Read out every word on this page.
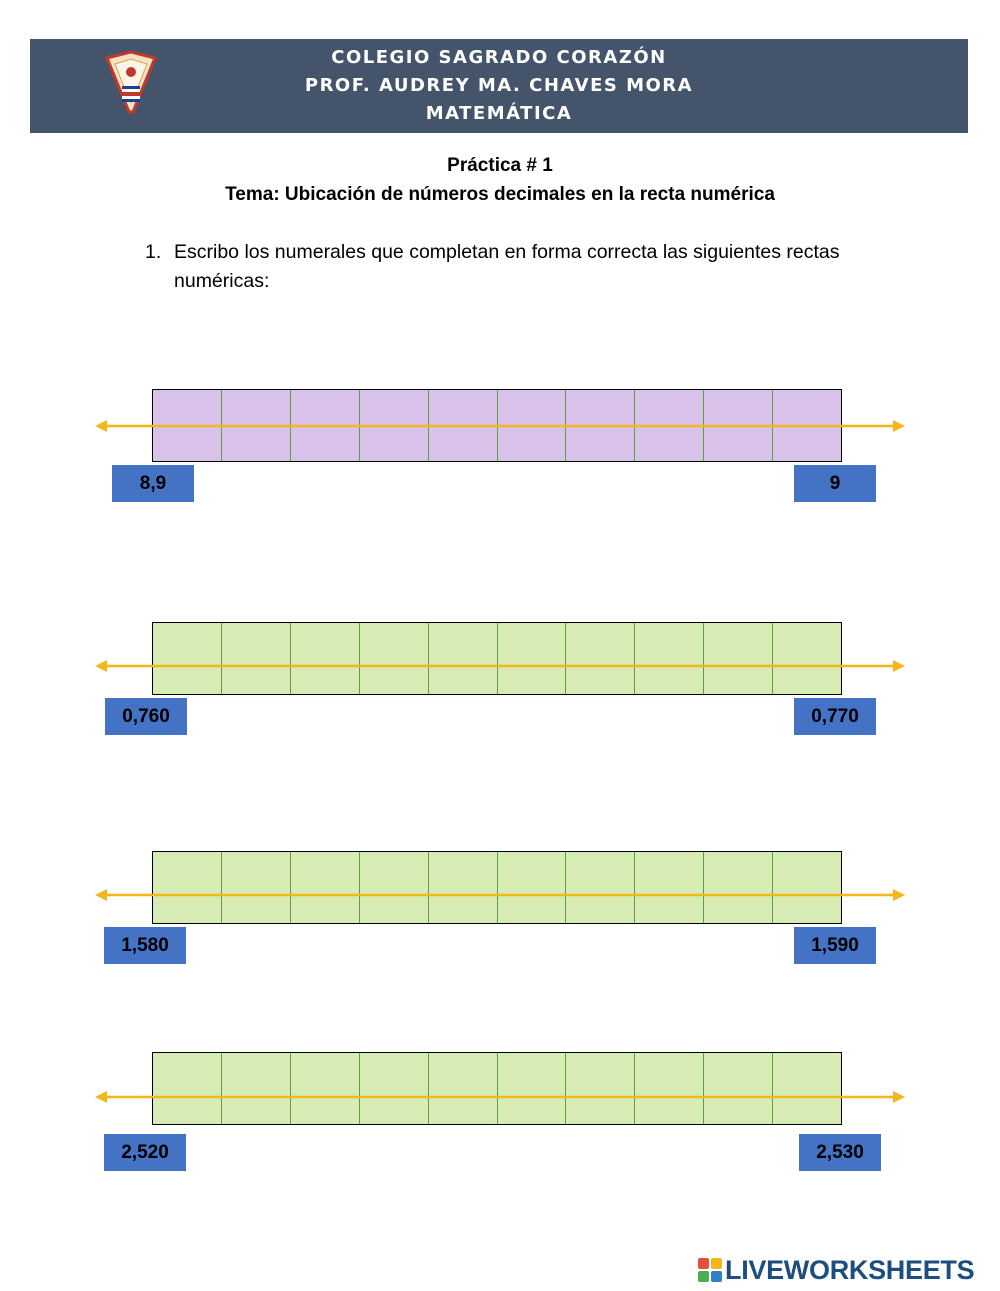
COLEGIO SAGRADO CORAZÓN
PROF. AUDREY MA. CHAVES MORA
MATEMÁTICA
Práctica # 1
Tema: Ubicación de números decimales en la recta numérica
1. Escribo los numerales que completan en forma correcta las siguientes rectas numéricas:
8,9	9
0,760	0,770
1,580	1,590
2,520	2,530
LIVEWORKSHEETS
